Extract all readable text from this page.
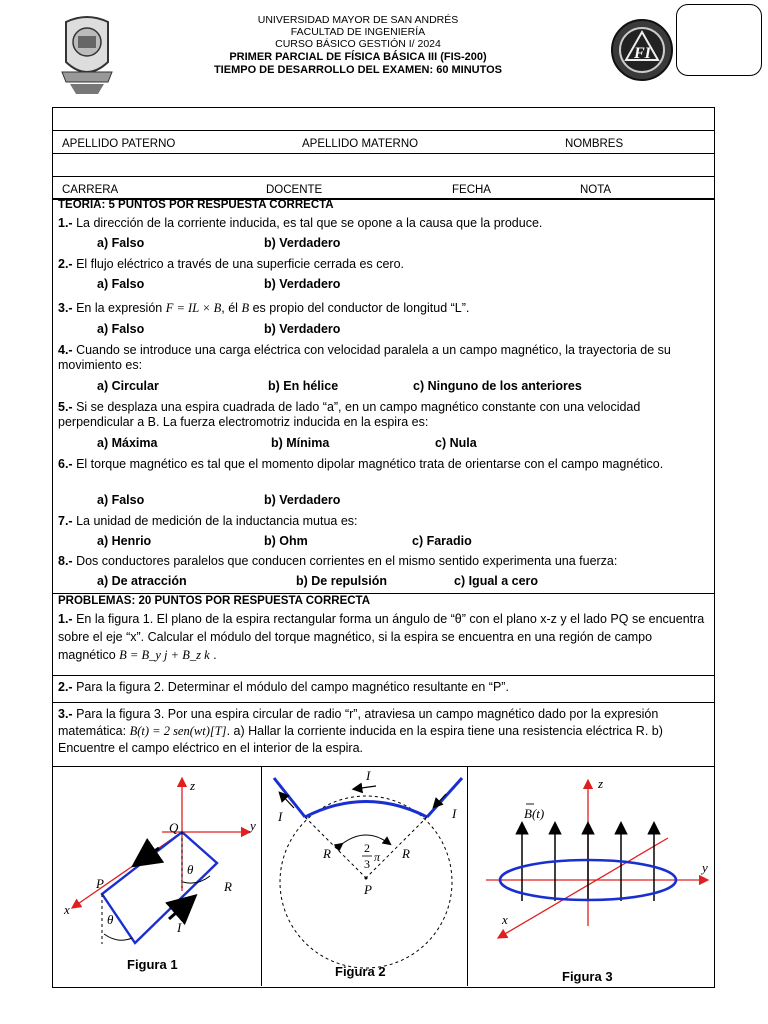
UNIVERSIDAD MAYOR DE SAN ANDRÉS
FACULTAD DE INGENIERÍA
CURSO BÁSICO GESTIÓN I/ 2024
PRIMER PARCIAL DE FÍSICA BÁSICA III (FIS-200)
TIEMPO DE DESARROLLO DEL EXAMEN: 60 MINUTOS
FI
APELLIDO PATERNO	APELLIDO MATERNO	NOMBRES
CARRERA	DOCENTE	FECHA	NOTA
TEORIA: 5 PUNTOS POR RESPUESTA CORRECTA
1.- La dirección de la corriente inducida, es tal que se opone a la causa que la produce.
a) Falso	b) Verdadero
2.- El flujo eléctrico a través de una superficie cerrada es cero.
a) Falso	b) Verdadero
3.- En la expresión F = IL × B, él B es propio del conductor de longitud “L”.
a) Falso	b) Verdadero
4.- Cuando se introduce una carga eléctrica con velocidad paralela a un campo magnético, la trayectoria de su movimiento es:
a) Circular	b) En hélice	c) Ninguno de los anteriores
5.- Si se desplaza una espira cuadrada de lado “a”, en un campo magnético constante con una velocidad perpendicular a B. La fuerza electromotriz inducida en la espira es:
a) Máxima	b) Mínima	c) Nula
6.- El torque magnético es tal que el momento dipolar magnético trata de orientarse con el campo magnético.
a) Falso	b) Verdadero
7.- La unidad de medición de la inductancia mutua es:
a) Henrio	b) Ohm	c) Faradio
8.- Dos conductores paralelos que conducen corrientes en el mismo sentido experimenta una fuerza:
a) De atracción	b) De repulsión	c) Igual a cero
PROBLEMAS: 20 PUNTOS POR RESPUESTA CORRECTA
1.- En la figura 1. El plano de la espira rectangular forma un ángulo de “θ” con el plano x-z y el lado PQ se encuentra sobre el eje “x”. Calcular el módulo del torque magnético, si la espira se encuentra en una región de campo magnético B = B_y j + B_z k .
2.- Para la figura 2. Determinar el módulo del campo magnético resultante en “P”.
3.- Para la figura 3. Por una espira circular de radio “r”, atraviesa un campo magnético dado por la expresión matemática: B(t) = 2 sen(wt)[T]. a) Hallar la corriente inducida en la espira tiene una resistencia eléctrica R. b) Encuentre el campo eléctrico en el interior de la espira.
z
y
x
Q
P	R
I
θ
θ
Figura 1
I
I	I
R	R
P
2
3 π
Figura 2
z
y
x
B(t)
Figura 3
